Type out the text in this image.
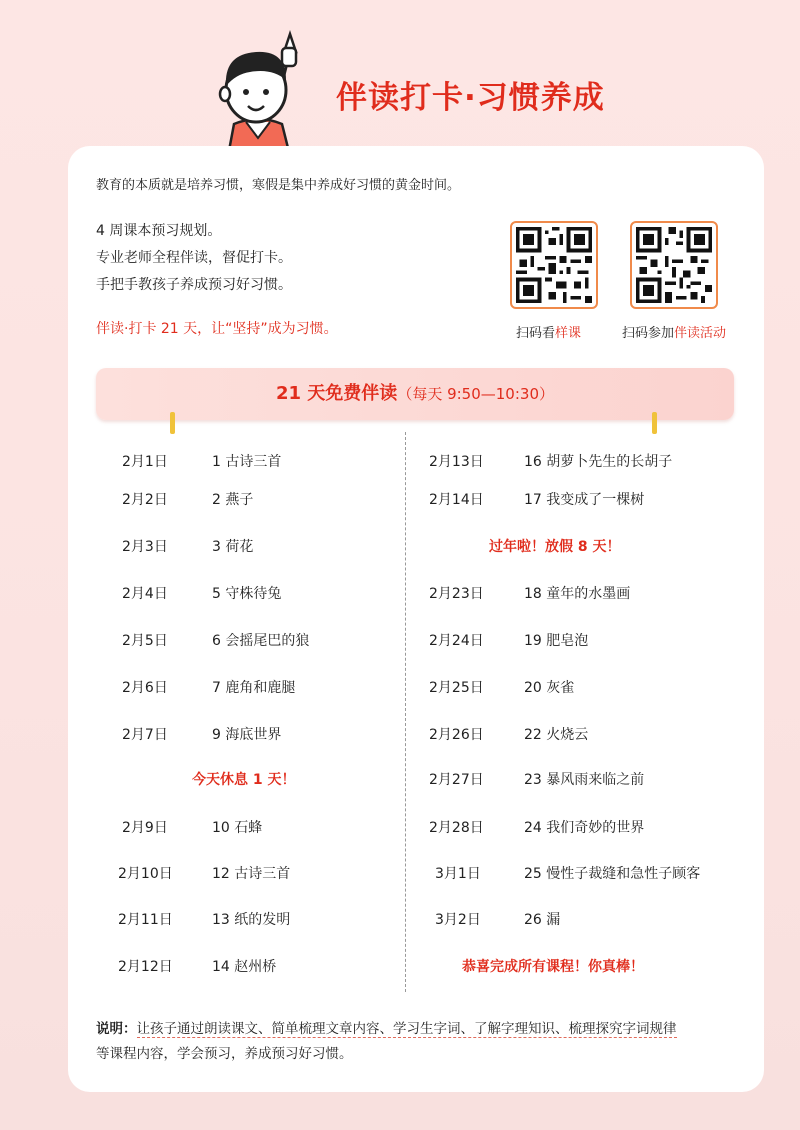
伴读打卡·习惯养成
教育的本质就是培养习惯，寒假是集中养成好习惯的黄金时间。
4 周课本预习规划。
专业老师全程伴读，督促打卡。
手把手教孩子养成预习好习惯。
伴读·打卡 21 天，让“坚持”成为习惯。	扫码看样课	扫码参加伴读活动
21 天免费伴读（每天 9:50—10:30）
2月1日	1 古诗三首
2月2日	2 燕子
2月3日	3 荷花
2月4日	5 守株待兔
2月5日	6 会摇尾巴的狼
2月6日	7 鹿角和鹿腿
2月7日	9 海底世界
今天休息 1 天！
2月9日	10 石蜂
2月10日	12 古诗三首
2月11日	13 纸的发明
2月12日	14 赵州桥
2月13日	16 胡萝卜先生的长胡子
2月14日	17 我变成了一棵树
过年啦！放假 8 天！
2月23日	18 童年的水墨画
2月24日	19 肥皂泡
2月25日	20 灰雀
2月26日	22 火烧云
2月27日	23 暴风雨来临之前
2月28日	24 我们奇妙的世界
3月1日	25 慢性子裁缝和急性子顾客
3月2日	26 漏
恭喜完成所有课程！你真棒！
说明：让孩子通过朗读课文、简单梳理文章内容、学习生字词、了解字理知识、梳理探究字词规律
等课程内容，学会预习，养成预习好习惯。
